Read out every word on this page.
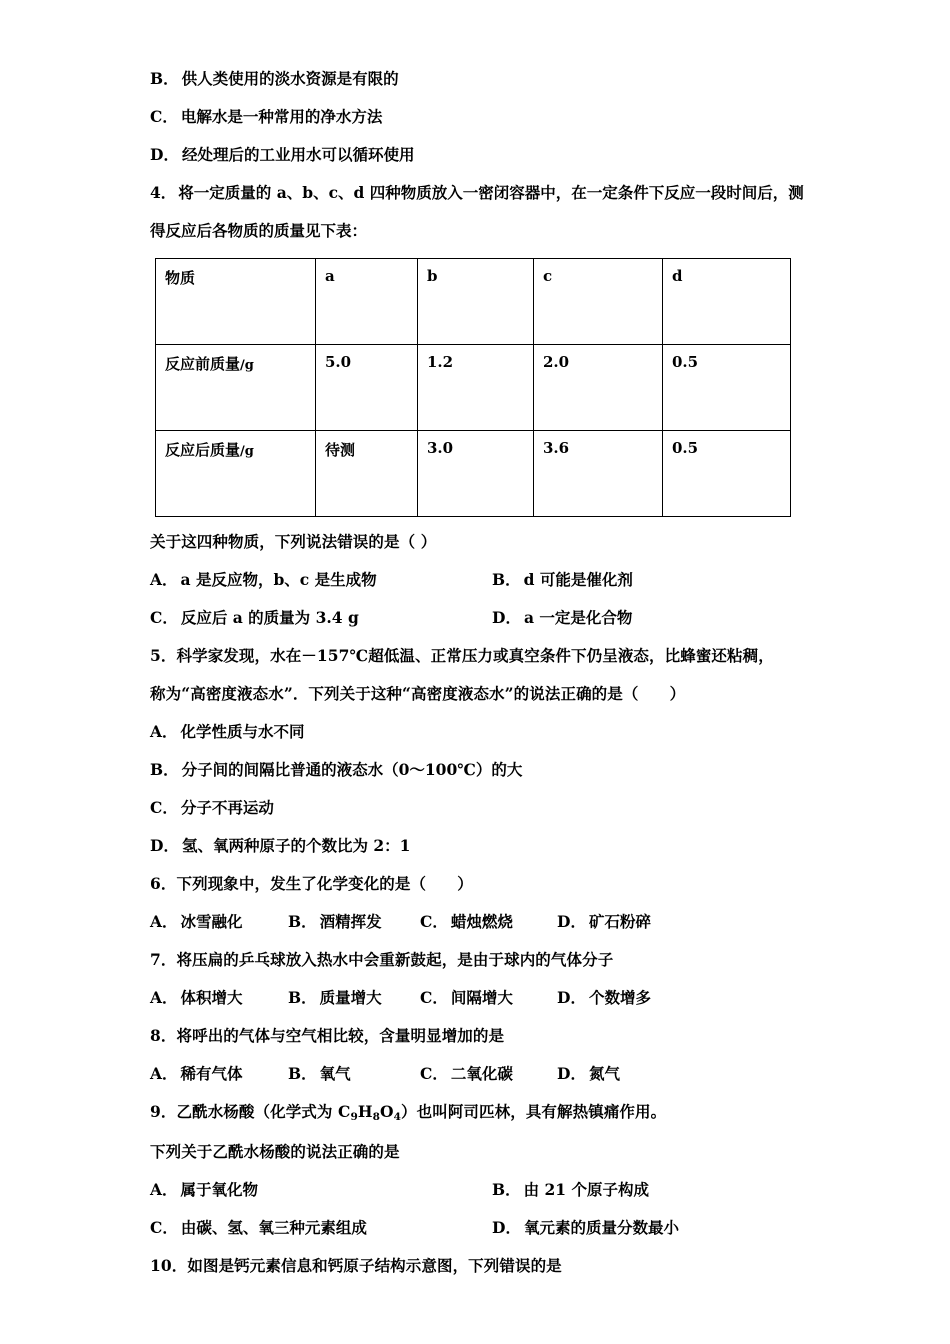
B． 供人类使用的淡水资源是有限的
C． 电解水是一种常用的净水方法
D． 经处理后的工业用水可以循环使用
4． 将一定质量的 a、b、c、d 四种物质放入一密闭容器中，在一定条件下反应一段时间后，测得反应后各物质的质量见下表：
物质	a	b	c	d
反应前质量/g	5.0	1.2	2.0	0.5
反应后质量/g	待测	3.0	3.6	0.5
关于这四种物质，下列说法错误的是（ ）
A． a 是反应物，b、c 是生成物	B． d 可能是催化剂
C． 反应后 a 的质量为 3.4 g	D． a 一定是化合物
5．科学家发现，水在－157℃超低温、正常压力或真空条件下仍呈液态，比蜂蜜还粘稠，
称为“高密度液态水”．下列关于这种“高密度液态水”的说法正确的是（　　）
A． 化学性质与水不同
B． 分子间的间隔比普通的液态水（0～100℃）的大
C． 分子不再运动
D． 氢、氧两种原子的个数比为 2：1
6．下列现象中，发生了化学变化的是（　　）
A． 冰雪融化	B． 酒精挥发	C． 蜡烛燃烧	D． 矿石粉碎
7．将压扁的乒乓球放入热水中会重新鼓起，是由于球内的气体分子
A． 体积增大	B． 质量增大	C． 间隔增大	D． 个数增多
8．将呼出的气体与空气相比较，含量明显增加的是
A． 稀有气体	B． 氧气	C． 二氧化碳	D． 氮气
9．乙酰水杨酸（化学式为 $C_9H_8O_4$）也叫阿司匹林，具有解热镇痛作用。
下列关于乙酰水杨酸的说法正确的是
A． 属于氧化物	B． 由 21 个原子构成
C． 由碳、氢、氧三种元素组成	D． 氧元素的质量分数最小
10．如图是钙元素信息和钙原子结构示意图，下列错误的是
